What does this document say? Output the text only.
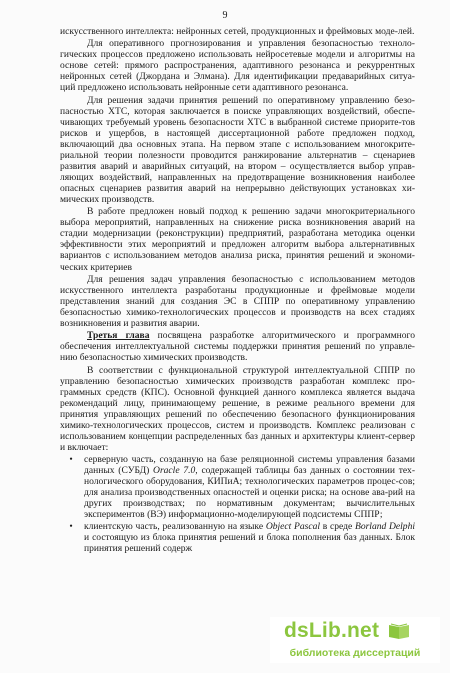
9

искусственного интеллекта: нейронных сетей, продукционных и фреймовых моде-лей.

Для оперативного прогнозирования и управления безопасностью техноло-гических процессов предложено использовать нейросетевые модели и алгоритмы на основе сетей: прямого распространения, адаптивного резонанса и рекуррентных нейронных сетей (Джордана и Элмана). Для идентификации предаварийных ситуа-ций предложено использовать нейронные сети адаптивного резонанса.

Для решения задачи принятия решений по оперативному управлению безо-пасностью ХТС, которая заключается в поиске управляющих воздействий, обеспе-чивающих требуемый уровень безопасности ХТС в выбранной системе приорите-тов рисков и ущербов, в настоящей диссертационной работе предложен подход, включающий два основных этапа. На первом этапе с использованием многокрите-риальной теории полезности проводится ранжирование альтернатив – сценариев развития аварий и аварийных ситуаций, на втором – осуществляется выбор управ-ляющих воздействий, направленных на предотвращение возникновения наиболее опасных сценариев развития аварий на непрерывно действующих установках хи-мических производств.

В работе предложен новый подход к решению задачи многокритериального выбора мероприятий, направленных на снижение риска возникновения аварий на стадии модернизации (реконструкции) предприятий, разработана методика оценки эффективности этих мероприятий и предложен алгоритм выбора альтернативных вариантов с использованием методов анализа риска, принятия решений и экономи-ческих критериев

Для решения задач управления безопасностью с использованием методов искусственного интеллекта разработаны продукционные и фреймовые модели представления знаний для создания ЭС в СППР по оперативному управлению безопасностью химико-технологических процессов и производств на всех стадиях возникновения и развития аварии.

Третья глава посвящена разработке алгоритмического и программного обеспечения интеллектуальной системы поддержки принятия решений по управле-нию безопасностью химических производств.

В соответствии с функциональной структурой интеллектуальной СППР по управлению безопасностью химических производств разработан комплекс про-граммных средств (КПС). Основной функцией данного комплекса является выдача рекомендаций лицу, принимающему решение, в режиме реального времени для принятия управляющих решений по обеспечению безопасного функционирования химико-технологических процессов, систем и производств. Комплекс реализован с использованием концепции распределенных баз данных и архитектуры клиент-сервер и включает:

•	серверную часть, созданную на базе реляционной системы управления базами данных (СУБД) Oracle 7.0, содержащей таблицы баз данных о состоянии тех-нологического оборудования, КИПиА; технологических параметров процес-сов; для анализа производственных опасностей и оценки риска; на основе ава-рий на других производствах; по нормативным документам; вычислительных экспериментов (ВЭ) информационно-моделирующей подсистемы СППР;
•	клиентскую часть, реализованную на языке Object Pascal в среде Borland Delphi и состоящую из блока принятия решений и блока пополнения баз данных. Блок принятия решений содерж
dsLib.net
библиотека диссертаций
